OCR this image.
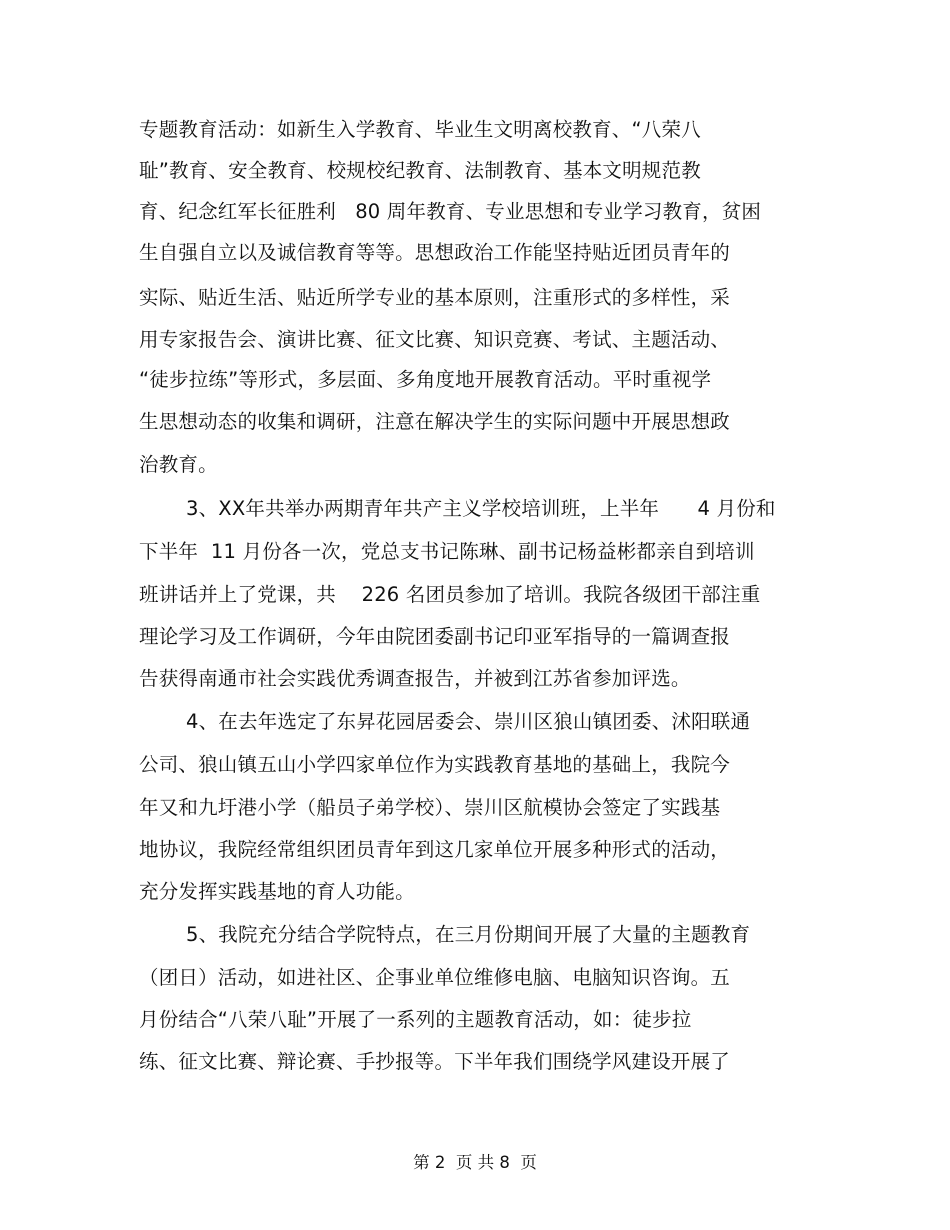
专题教育活动：如新生入学教育、毕业生文明离校教育、“八荣八
耻”教育、安全教育、校规校纪教育、法制教育、基本文明规范教
育、纪念红军长征胜利   80 周年教育、专业思想和专业学习教育，贫困
生自强自立以及诚信教育等等。思想政治工作能坚持贴近团员青年的
实际、贴近生活、贴近所学专业的基本原则，注重形式的多样性，采
用专家报告会、演讲比赛、征文比赛、知识竞赛、考试、主题活动、
“徒步拉练”等形式，多层面、多角度地开展教育活动。平时重视学
生思想动态的收集和调研，注意在解决学生的实际问题中开展思想政
治教育。
3、XX年共举办两期青年共产主义学校培训班，上半年      4 月份和
下半年  11 月份各一次，党总支书记陈琳、副书记杨益彬都亲自到培训
班讲话并上了党课，共    226 名团员参加了培训。我院各级团干部注重
理论学习及工作调研，今年由院团委副书记印亚军指导的一篇调查报
告获得南通市社会实践优秀调查报告，并被到江苏省参加评选。
4、在去年选定了东昇花园居委会、崇川区狼山镇团委、沭阳联通
公司、狼山镇五山小学四家单位作为实践教育基地的基础上，我院今
年又和九圩港小学（船员子弟学校）、崇川区航模协会签定了实践基
地协议，我院经常组织团员青年到这几家单位开展多种形式的活动，
充分发挥实践基地的育人功能。
5、我院充分结合学院特点，在三月份期间开展了大量的主题教育
（团日）活动，如进社区、企事业单位维修电脑、电脑知识咨询。五
月份结合“八荣八耻”开展了一系列的主题教育活动，如：徒步拉
练、征文比赛、辩论赛、手抄报等。下半年我们围绕学风建设开展了
第 2  页 共 8  页
